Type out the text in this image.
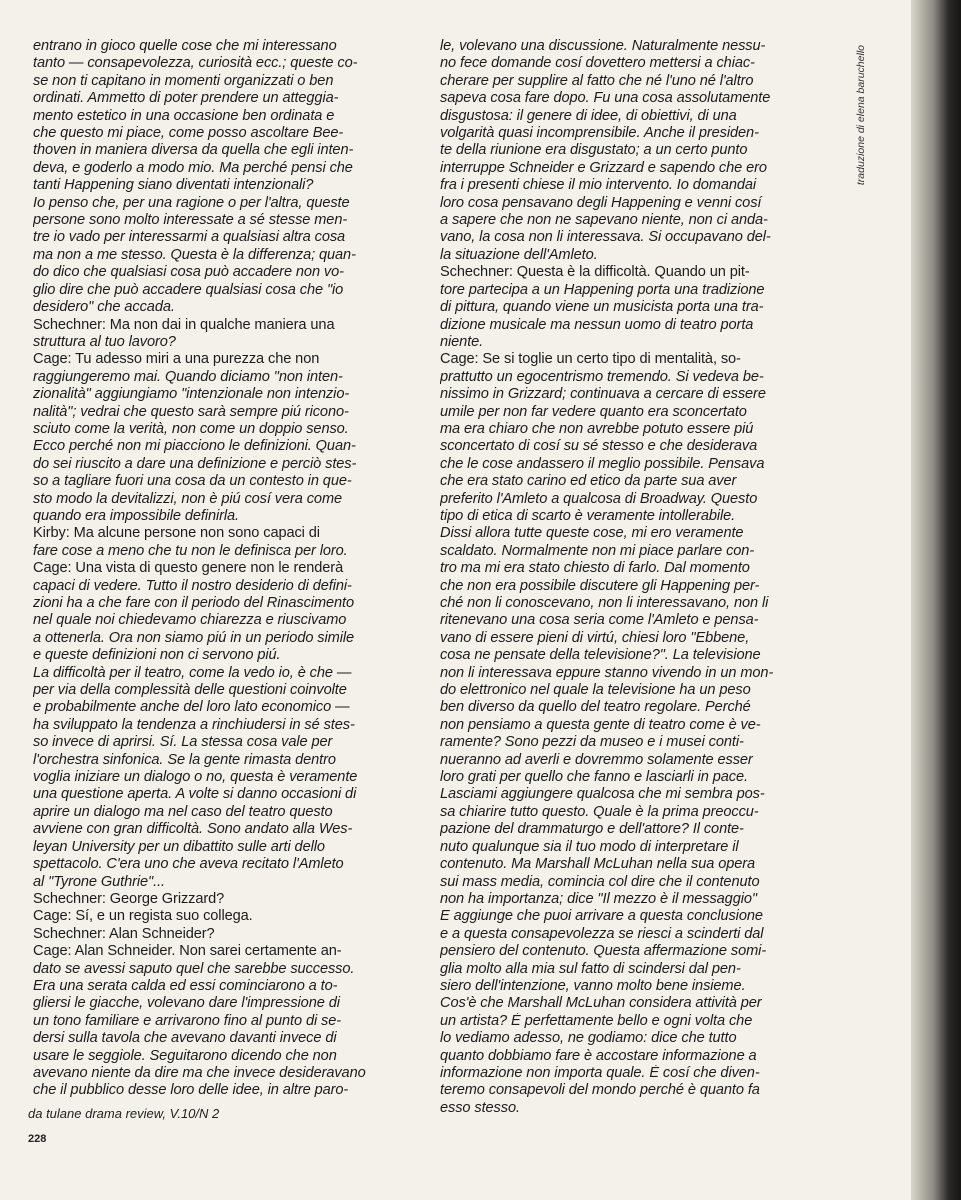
entrano in gioco quelle cose che mi interessano
tanto — consapevolezza, curiosità ecc.; queste co-
se non ti capitano in momenti organizzati o ben
ordinati. Ammetto di poter prendere un atteggia-
mento estetico in una occasione ben ordinata e
che questo mi piace, come posso ascoltare Bee-
thoven in maniera diversa da quella che egli inten-
deva, e goderlo a modo mio. Ma perché pensi che
tanti Happening siano diventati intenzionali?
Io penso che, per una ragione o per l'altra, queste
persone sono molto interessate a sé stesse men-
tre io vado per interessarmi a qualsiasi altra cosa
ma non a me stesso. Questa è la differenza; quan-
do dico che qualsiasi cosa può accadere non vo-
glio dire che può accadere qualsiasi cosa che "io
desidero" che accada.
Schechner: Ma non dai in qualche maniera una
struttura al tuo lavoro?
Cage: Tu adesso miri a una purezza che non
raggiungeremo mai. Quando diciamo "non inten-
zionalità" aggiungiamo "intenzionale non intenzio-
nalità"; vedrai che questo sarà sempre piú ricono-
sciuto come la verità, non come un doppio senso.
Ecco perché non mi piacciono le definizioni. Quan-
do sei riuscito a dare una definizione e perciò stes-
so a tagliare fuori una cosa da un contesto in que-
sto modo la devitalizzi, non è piú cosí vera come
quando era impossibile definirla.
Kirby: Ma alcune persone non sono capaci di
fare cose a meno che tu non le definisca per loro.
Cage: Una vista di questo genere non le renderà
capaci di vedere. Tutto il nostro desiderio di defini-
zioni ha a che fare con il periodo del Rinascimento
nel quale noi chiedevamo chiarezza e riuscivamo
a ottenerla. Ora non siamo piú in un periodo simile
e queste definizioni non ci servono piú.
La difficoltà per il teatro, come la vedo io, è che —
per via della complessità delle questioni coinvolte
e probabilmente anche del loro lato economico —
ha sviluppato la tendenza a rinchiudersi in sé stes-
so invece di aprirsi. Sí. La stessa cosa vale per
l'orchestra sinfonica. Se la gente rimasta dentro
voglia iniziare un dialogo o no, questa è veramente
una questione aperta. A volte si danno occasioni di
aprire un dialogo ma nel caso del teatro questo
avviene con gran difficoltà. Sono andato alla Wes-
leyan University per un dibattito sulle arti dello
spettacolo. C'era uno che aveva recitato l'Amleto
al "Tyrone Guthrie"...
Schechner: George Grizzard?
Cage: Sí, e un regista suo collega.
Schechner: Alan Schneider?
Cage: Alan Schneider. Non sarei certamente an-
dato se avessi saputo quel che sarebbe successo.
Era una serata calda ed essi cominciarono a to-
gliersi le giacche, volevano dare l'impressione di
un tono familiare e arrivarono fino al punto di se-
dersi sulla tavola che avevano davanti invece di
usare le seggiole. Seguitarono dicendo che non
avevano niente da dire ma che invece desideravano
che il pubblico desse loro delle idee, in altre paro-
le, volevano una discussione. Naturalmente nessu-
no fece domande cosí dovettero mettersi a chiac-
cherare per supplire al fatto che né l'uno né l'altro
sapeva cosa fare dopo. Fu una cosa assolutamente
disgustosa: il genere di idee, di obiettivi, di una
volgarità quasi incomprensibile. Anche il presiden-
te della riunione era disgustato; a un certo punto
interruppe Schneider e Grizzard e sapendo che ero
fra i presenti chiese il mio intervento. Io domandai
loro cosa pensavano degli Happening e venni cosí
a sapere che non ne sapevano niente, non ci anda-
vano, la cosa non li interessava. Si occupavano del-
la situazione dell'Amleto.
Schechner: Questa è la difficoltà. Quando un pit-
tore partecipa a un Happening porta una tradizione
di pittura, quando viene un musicista porta una tra-
dizione musicale ma nessun uomo di teatro porta
niente.
Cage: Se si toglie un certo tipo di mentalità, so-
prattutto un egocentrismo tremendo. Si vedeva be-
nissimo in Grizzard; continuava a cercare di essere
umile per non far vedere quanto era sconcertato
ma era chiaro che non avrebbe potuto essere piú
sconcertato di cosí su sé stesso e che desiderava
che le cose andassero il meglio possibile. Pensava
che era stato carino ed etico da parte sua aver
preferito l'Amleto a qualcosa di Broadway. Questo
tipo di etica di scarto è veramente intollerabile.
Dissi allora tutte queste cose, mi ero veramente
scaldato. Normalmente non mi piace parlare con-
tro ma mi era stato chiesto di farlo. Dal momento
che non era possibile discutere gli Happening per-
ché non li conoscevano, non li interessavano, non li
ritenevano una cosa seria come l'Amleto e pensa-
vano di essere pieni di virtú, chiesi loro "Ebbene,
cosa ne pensate della televisione?". La televisione
non li interessava eppure stanno vivendo in un mon-
do elettronico nel quale la televisione ha un peso
ben diverso da quello del teatro regolare. Perché
non pensiamo a questa gente di teatro come è ve-
ramente? Sono pezzi da museo e i musei conti-
nueranno ad averli e dovremmo solamente esser
loro grati per quello che fanno e lasciarli in pace.
Lasciami aggiungere qualcosa che mi sembra pos-
sa chiarire tutto questo. Quale è la prima preoccu-
pazione del drammaturgo e dell'attore? Il conte-
nuto qualunque sia il tuo modo di interpretare il
contenuto. Ma Marshall McLuhan nella sua opera
sui mass media, comincia col dire che il contenuto
non ha importanza; dice "Il mezzo è il messaggio"
E aggiunge che puoi arrivare a questa conclusione
e a questa consapevolezza se riesci a scinderti dal
pensiero del contenuto. Questa affermazione somi-
glia molto alla mia sul fatto di scindersi dal pen-
siero dell'intenzione, vanno molto bene insieme.
Cos'è che Marshall McLuhan considera attività per
un artista? È perfettamente bello e ogni volta che
lo vediamo adesso, ne godiamo: dice che tutto
quanto dobbiamo fare è accostare informazione a
informazione non importa quale. È cosí che diven-
teremo consapevoli del mondo perché è quanto fa
esso stesso.
traduzione di elena baruchello
da tulane drama review, V.10/N 2
228
